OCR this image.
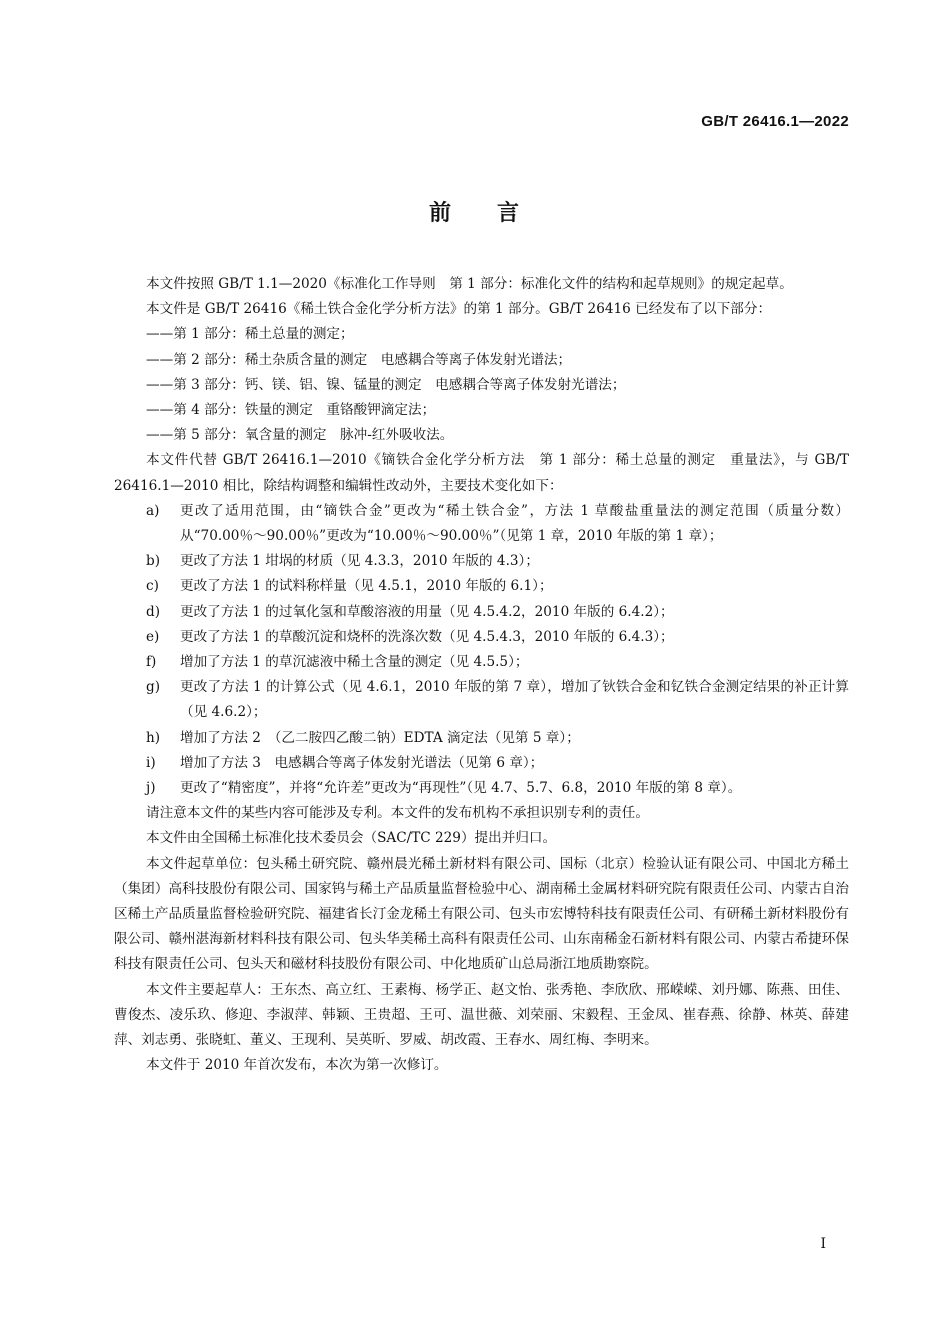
GB/T 26416.1—2022
前 言

本文件按照 GB/T 1.1—2020《标准化工作导则　第 1 部分：标准化文件的结构和起草规则》的规定起草。

本文件是 GB/T 26416《稀土铁合金化学分析方法》的第 1 部分。GB/T 26416 已经发布了以下部分：

——第 1 部分：稀土总量的测定；

——第 2 部分：稀土杂质含量的测定　电感耦合等离子体发射光谱法；

——第 3 部分：钙、镁、铝、镍、锰量的测定　电感耦合等离子体发射光谱法；

——第 4 部分：铁量的测定　重铬酸钾滴定法；

——第 5 部分：氧含量的测定　脉冲-红外吸收法。

本文件代替 GB/T 26416.1—2010《镝铁合金化学分析方法　第 1 部分：稀土总量的测定　重量法》，与 GB/T 26416.1—2010 相比，除结构调整和编辑性改动外，主要技术变化如下：

a)	更改了适用范围，由“镝铁合金”更改为“稀土铁合金”，方法 1 草酸盐重量法的测定范围（质量分数）从“70.00％～90.00％”更改为“10.00％～90.00％”（见第 1 章，2010 年版的第 1 章）；
b)	更改了方法 1 坩埚的材质（见 4.3.3，2010 年版的 4.3）；
c)	更改了方法 1 的试料称样量（见 4.5.1，2010 年版的 6.1）；
d)	更改了方法 1 的过氧化氢和草酸溶液的用量（见 4.5.4.2，2010 年版的 6.4.2）；
e)	更改了方法 1 的草酸沉淀和烧杯的洗涤次数（见 4.5.4.3，2010 年版的 6.4.3）；
f)	增加了方法 1 的草沉滤液中稀土含量的测定（见 4.5.5）；
g)	更改了方法 1 的计算公式（见 4.6.1，2010 年版的第 7 章），增加了钬铁合金和钇铁合金测定结果的补正计算（见 4.6.2）；
h)	增加了方法 2　（乙二胺四乙酸二钠）EDTA 滴定法（见第 5 章）；
i)	增加了方法 3　电感耦合等离子体发射光谱法（见第 6 章）；
j)	更改了“精密度”，并将“允许差”更改为“再现性”（见 4.7、5.7、6.8，2010 年版的第 8 章）。

请注意本文件的某些内容可能涉及专利。本文件的发布机构不承担识别专利的责任。

本文件由全国稀土标准化技术委员会（SAC/TC 229）提出并归口。

本文件起草单位：包头稀土研究院、赣州晨光稀土新材料有限公司、国标（北京）检验认证有限公司、中国北方稀土（集团）高科技股份有限公司、国家钨与稀土产品质量监督检验中心、湖南稀土金属材料研究院有限责任公司、内蒙古自治区稀土产品质量监督检验研究院、福建省长汀金龙稀土有限公司、包头市宏博特科技有限责任公司、有研稀土新材料股份有限公司、赣州湛海新材料科技有限公司、包头华美稀土高科有限责任公司、山东南稀金石新材料有限公司、内蒙古希捷环保科技有限责任公司、包头天和磁材科技股份有限公司、中化地质矿山总局浙江地质勘察院。

本文件主要起草人：王东杰、高立红、王素梅、杨学正、赵文怡、张秀艳、李欣欣、邢嵘嵘、刘丹娜、陈燕、田佳、曹俊杰、凌乐玖、修迎、李淑萍、韩颖、王贵超、王可、温世薇、刘荣丽、宋毅程、王金凤、崔春燕、徐静、林英、薛建萍、刘志勇、张晓虹、董义、王现利、吴英昕、罗威、胡改霞、王春水、周红梅、李明来。

本文件于 2010 年首次发布，本次为第一次修订。

I
